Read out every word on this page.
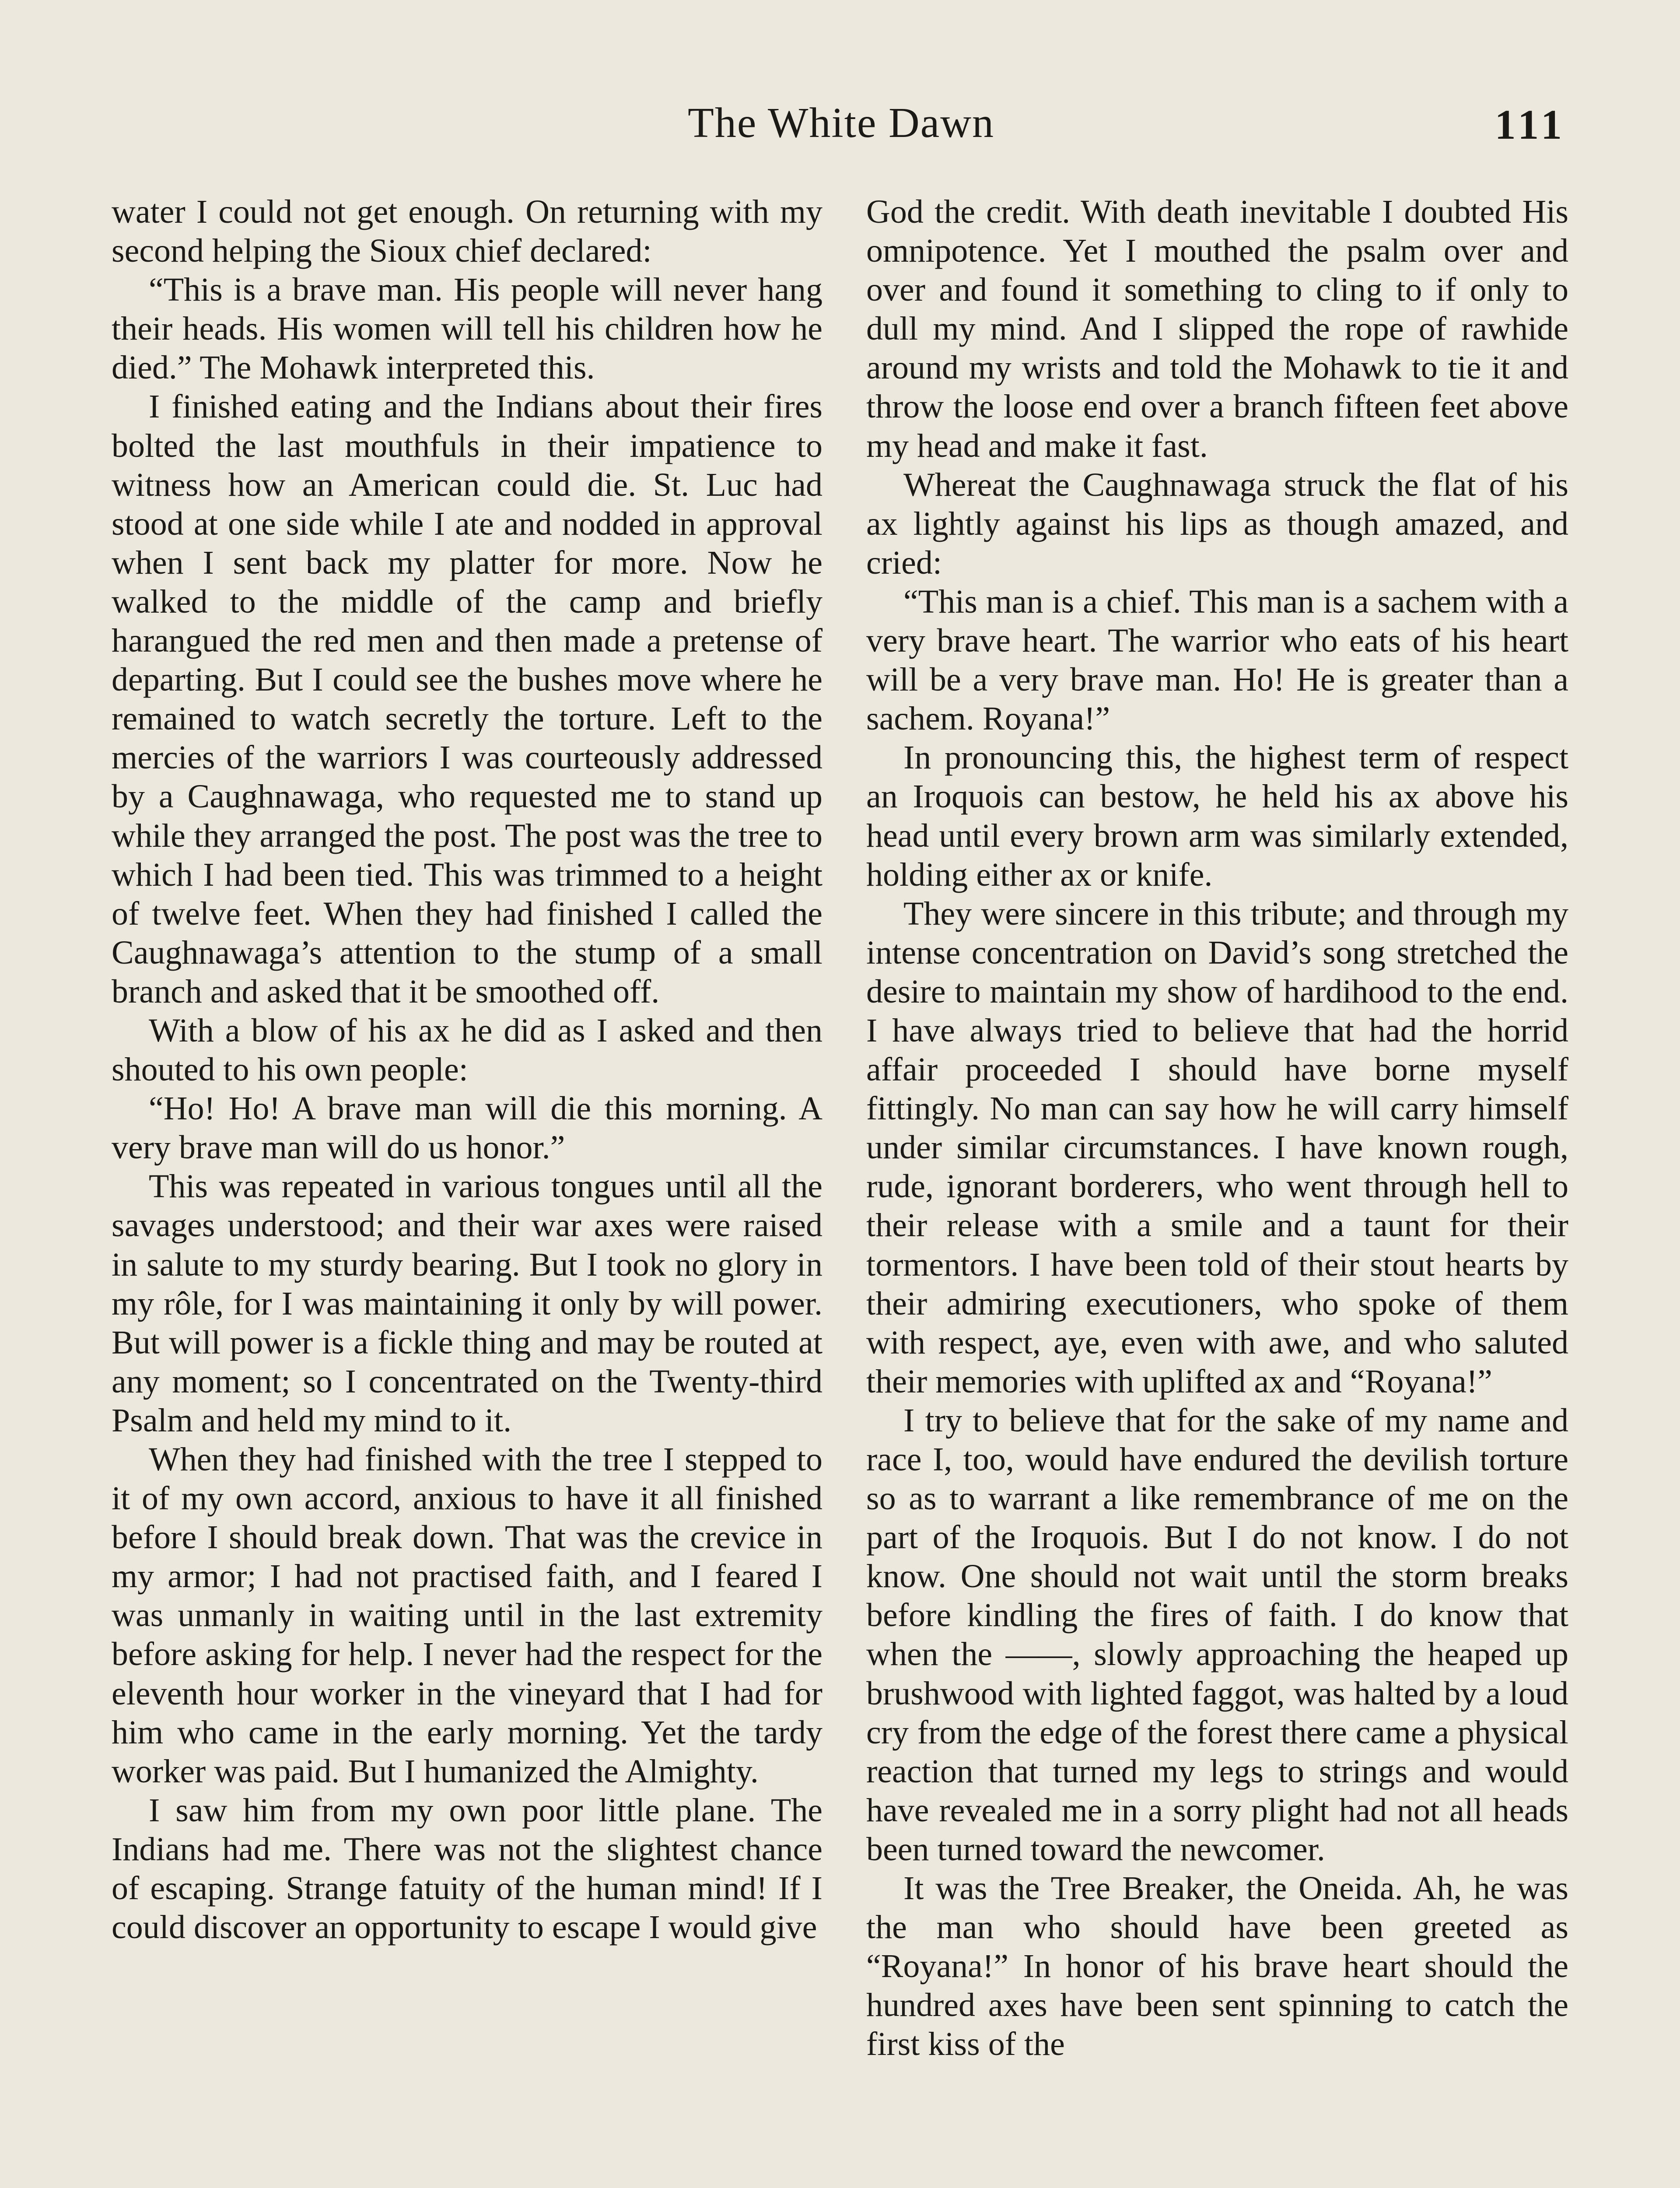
The White Dawn	111

water I could not get enough. On returning with my second helping the Sioux chief declared:

“This is a brave man. His people will never hang their heads. His women will tell his children how he died.” The Mohawk interpreted this.

I finished eating and the Indians about their fires bolted the last mouthfuls in their impatience to witness how an American could die. St. Luc had stood at one side while I ate and nodded in approval when I sent back my platter for more. Now he walked to the middle of the camp and briefly harangued the red men and then made a pretense of departing. But I could see the bushes move where he remained to watch secretly the torture. Left to the mercies of the warriors I was courteously addressed by a Caughnawaga, who requested me to stand up while they arranged the post. The post was the tree to which I had been tied. This was trimmed to a height of twelve feet. When they had finished I called the Caughnawaga’s attention to the stump of a small branch and asked that it be smoothed off.

With a blow of his ax he did as I asked and then shouted to his own people:

“Ho! Ho! A brave man will die this morning. A very brave man will do us honor.”

This was repeated in various tongues until all the savages understood; and their war axes were raised in salute to my sturdy bearing. But I took no glory in my rôle, for I was maintaining it only by will power. But will power is a fickle thing and may be routed at any moment; so I concentrated on the Twenty-third Psalm and held my mind to it.

When they had finished with the tree I stepped to it of my own accord, anxious to have it all finished before I should break down. That was the crevice in my armor; I had not practised faith, and I feared I was unmanly in waiting until in the last extremity before asking for help. I never had the respect for the eleventh hour worker in the vineyard that I had for him who came in the early morning. Yet the tardy worker was paid. But I humanized the Almighty.

I saw him from my own poor little plane. The Indians had me. There was not the slightest chance of escaping. Strange fatuity of the human mind! If I could discover an opportunity to escape I would give

God the credit. With death inevitable I doubted His omnipotence. Yet I mouthed the psalm over and over and found it something to cling to if only to dull my mind. And I slipped the rope of rawhide around my wrists and told the Mohawk to tie it and throw the loose end over a branch fifteen feet above my head and make it fast.

Whereat the Caughnawaga struck the flat of his ax lightly against his lips as though amazed, and cried:

“This man is a chief. This man is a sachem with a very brave heart. The warrior who eats of his heart will be a very brave man. Ho! He is greater than a sachem. Royana!”

In pronouncing this, the highest term of respect an Iroquois can bestow, he held his ax above his head until every brown arm was similarly extended, holding either ax or knife.

They were sincere in this tribute; and through my intense concentration on David’s song stretched the desire to maintain my show of hardihood to the end. I have always tried to believe that had the horrid affair proceeded I should have borne myself fittingly. No man can say how he will carry himself under similar circumstances. I have known rough, rude, ignorant borderers, who went through hell to their release with a smile and a taunt for their tormentors. I have been told of their stout hearts by their admiring executioners, who spoke of them with respect, aye, even with awe, and who saluted their memories with uplifted ax and “Royana!”

I try to believe that for the sake of my name and race I, too, would have endured the devilish torture so as to warrant a like remembrance of me on the part of the Iroquois. But I do not know. I do not know. One should not wait until the storm breaks before kindling the fires of faith. I do know that when the ——, slowly approaching the heaped up brushwood with lighted faggot, was halted by a loud cry from the edge of the forest there came a physical reaction that turned my legs to strings and would have revealed me in a sorry plight had not all heads been turned toward the newcomer.

It was the Tree Breaker, the Oneida. Ah, he was the man who should have been greeted as “Royana!” In honor of his brave heart should the hundred axes have been sent spinning to catch the first kiss of the
